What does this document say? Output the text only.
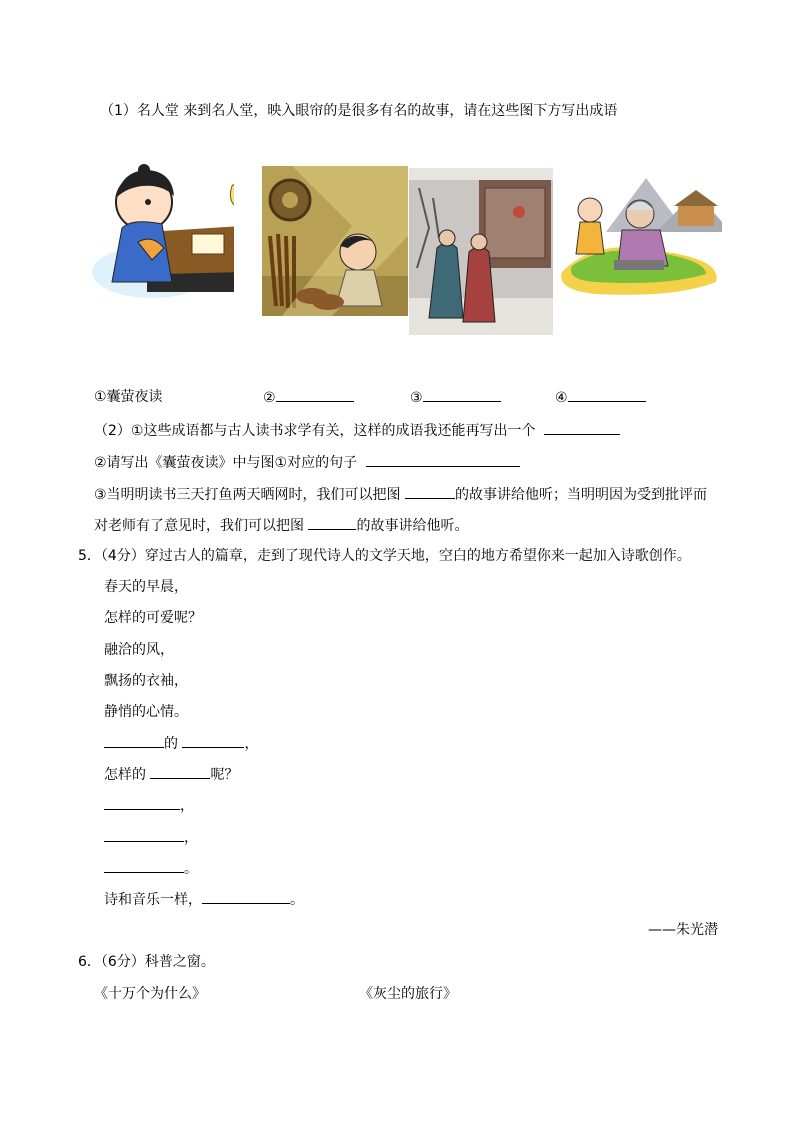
（1）名人堂 来到名人堂，映入眼帘的是很多有名的故事，请在这些图下方写出成语
①囊萤夜读	②	③	④
（2）①这些成语都与古人读书求学有关，这样的成语我还能再写出一个
②请写出《囊萤夜读》中与图①对应的句子
③当明明读书三天打鱼两天晒网时，我们可以把图	的故事讲给他听；当明明因为受到批评而
对老师有了意见时，我们可以把图	的故事讲给他听。
5．（4分）穿过古人的篇章，走到了现代诗人的文学天地，空白的地方希望你来一起加入诗歌创作。
春天的早晨，
怎样的可爱呢？
融洽的风，
飘扬的衣袖，
静悄的心情。
的	，
怎样的	呢？
，
，
。
诗和音乐一样，	。
——朱光潜
6．（6分）科普之窗。
《十万个为什么》	《灰尘的旅行》
